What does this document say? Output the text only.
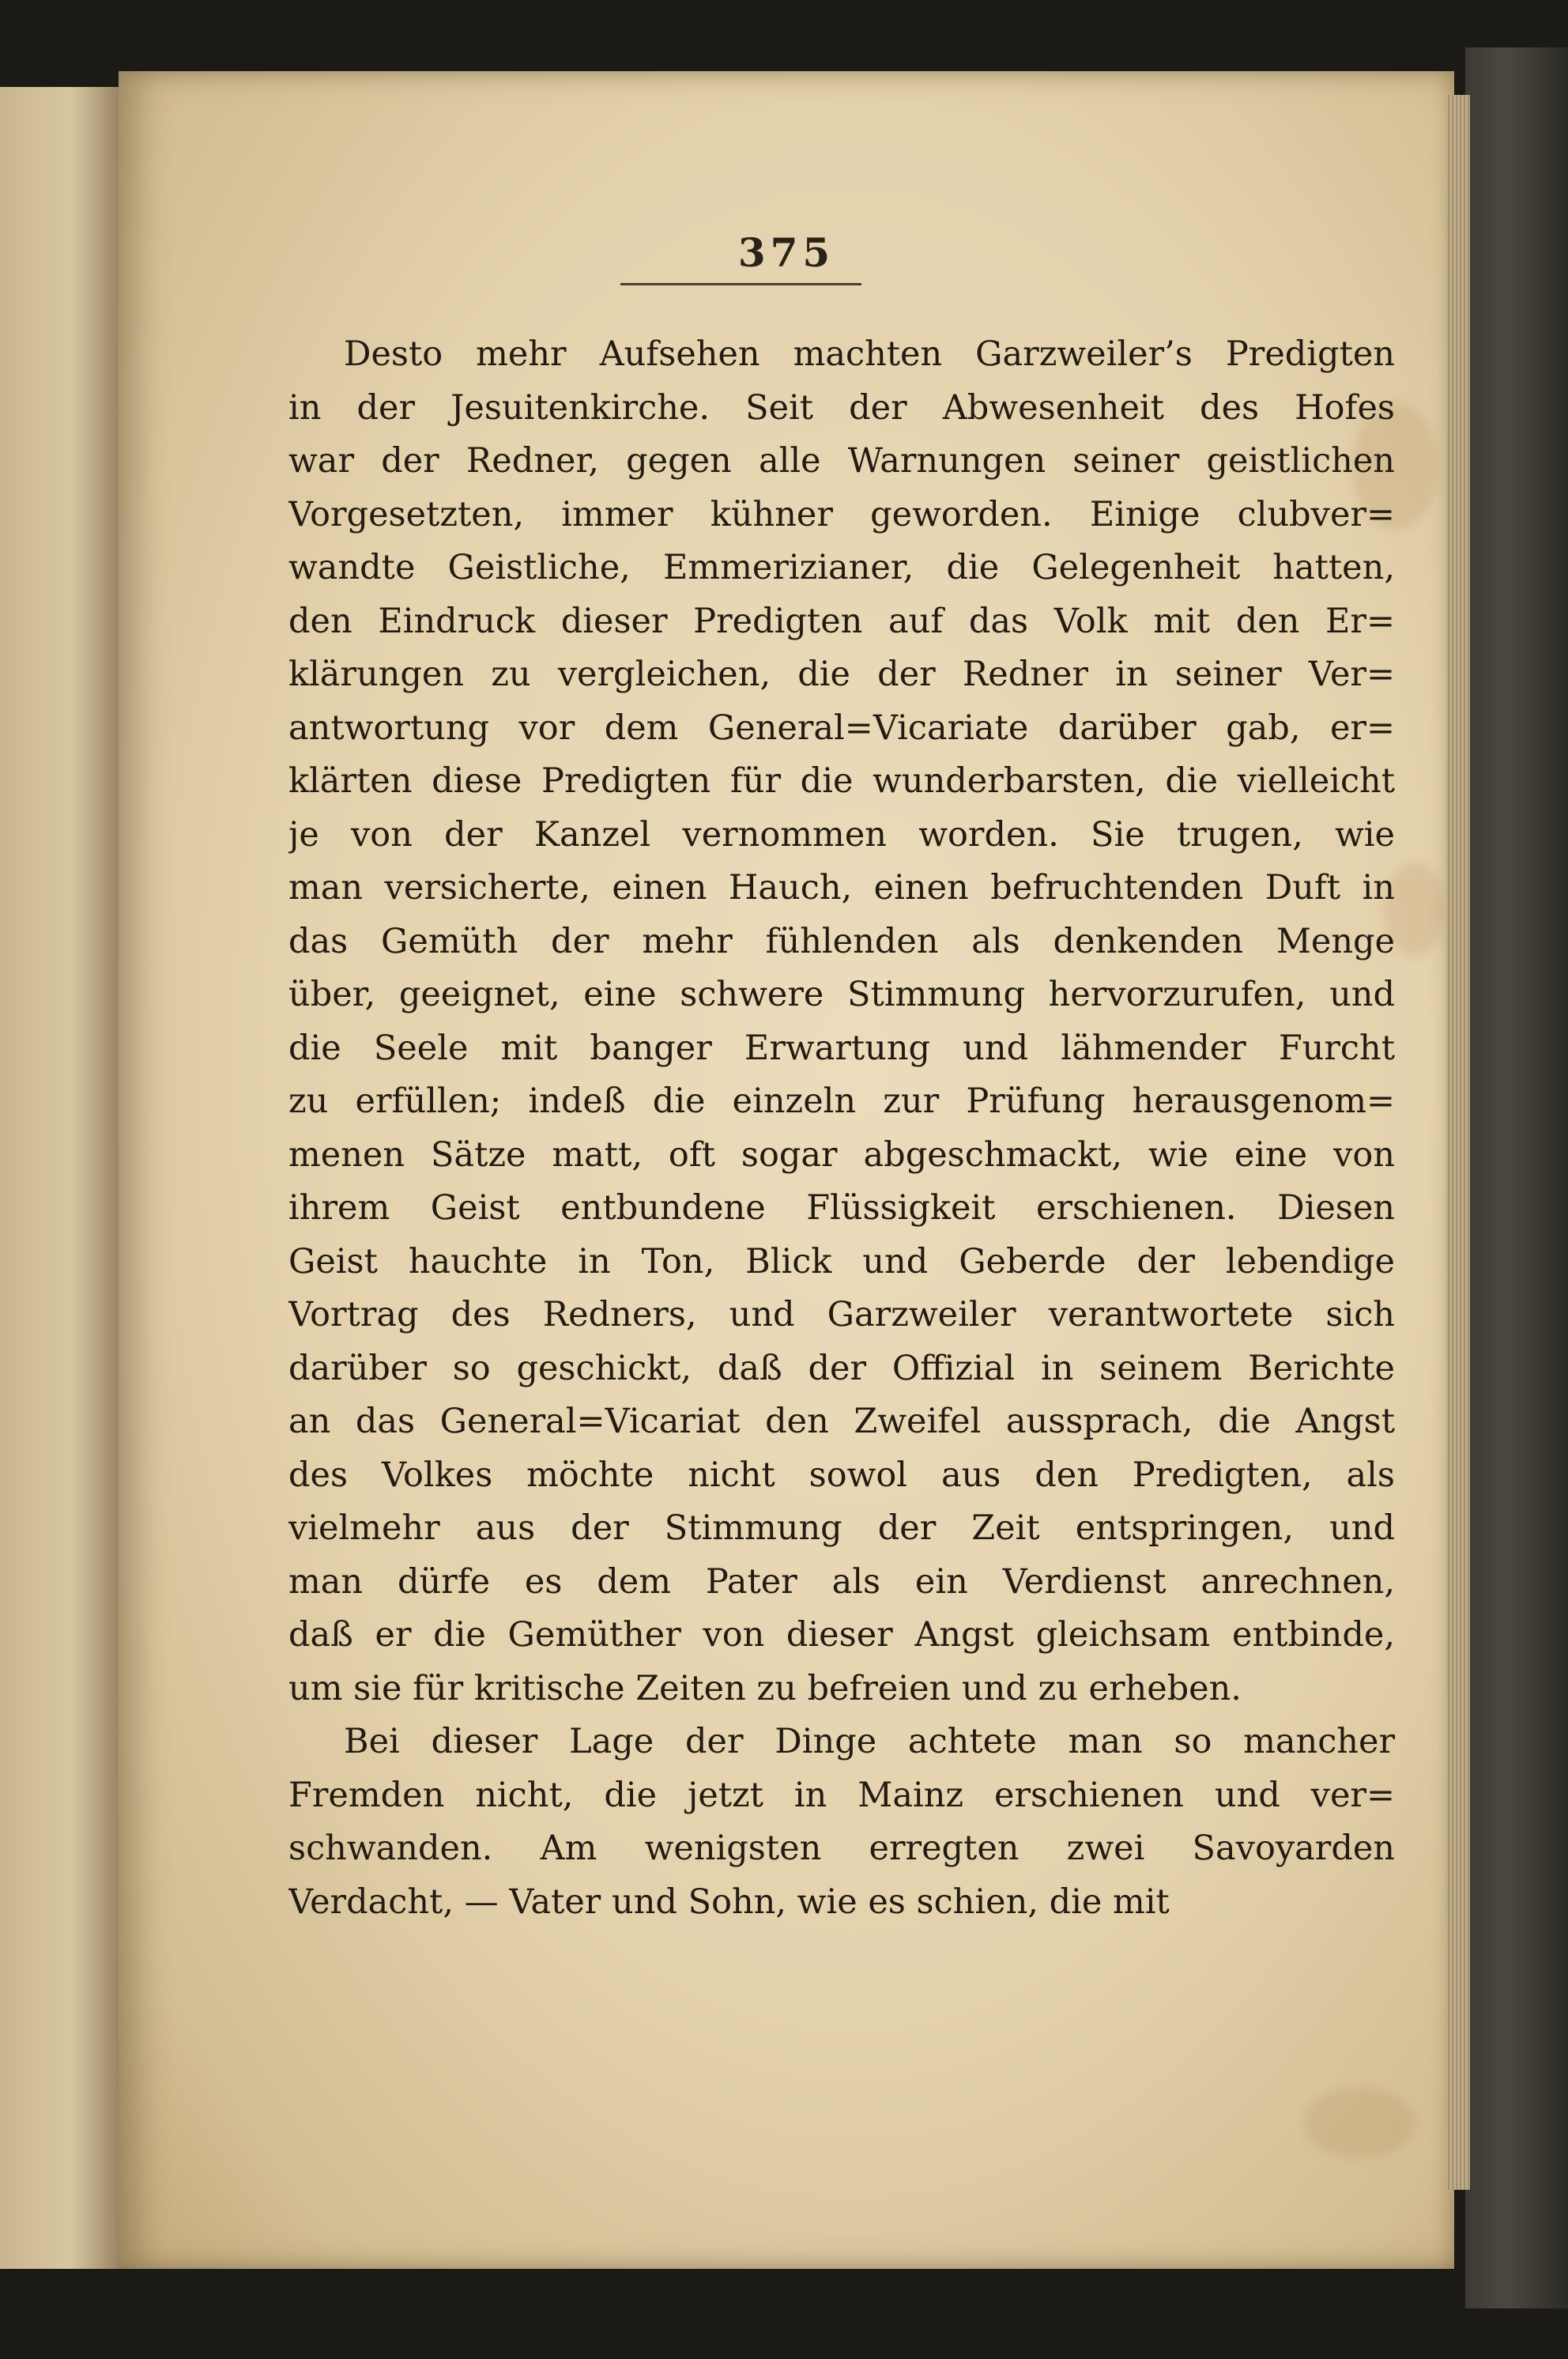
375
Desto mehr Aufsehen machten Garzweiler’s Predigten
in der Jesuitenkirche. Seit der Abwesenheit des Hofes
war der Redner, gegen alle Warnungen seiner geistlichen
Vorgesetzten, immer kühner geworden. Einige clubver=
wandte Geistliche, Emmerizianer, die Gelegenheit hatten,
den Eindruck dieser Predigten auf das Volk mit den Er=
klärungen zu vergleichen, die der Redner in seiner Ver=
antwortung vor dem General=Vicariate darüber gab, er=
klärten diese Predigten für die wunderbarsten, die vielleicht
je von der Kanzel vernommen worden. Sie trugen, wie
man versicherte, einen Hauch, einen befruchtenden Duft in
das Gemüth der mehr fühlenden als denkenden Menge
über, geeignet, eine schwere Stimmung hervorzurufen, und
die Seele mit banger Erwartung und lähmender Furcht
zu erfüllen; indeß die einzeln zur Prüfung herausgenom=
menen Sätze matt, oft sogar abgeschmackt, wie eine von
ihrem Geist entbundene Flüssigkeit erschienen. Diesen
Geist hauchte in Ton, Blick und Geberde der lebendige
Vortrag des Redners, und Garzweiler verantwortete sich
darüber so geschickt, daß der Offizial in seinem Berichte
an das General=Vicariat den Zweifel aussprach, die Angst
des Volkes möchte nicht sowol aus den Predigten, als
vielmehr aus der Stimmung der Zeit entspringen, und
man dürfe es dem Pater als ein Verdienst anrechnen,
daß er die Gemüther von dieser Angst gleichsam entbinde,
um sie für kritische Zeiten zu befreien und zu erheben.
Bei dieser Lage der Dinge achtete man so mancher
Fremden nicht, die jetzt in Mainz erschienen und ver=
schwanden. Am wenigsten erregten zwei Savoyarden
Verdacht, — Vater und Sohn, wie es schien, die mit
